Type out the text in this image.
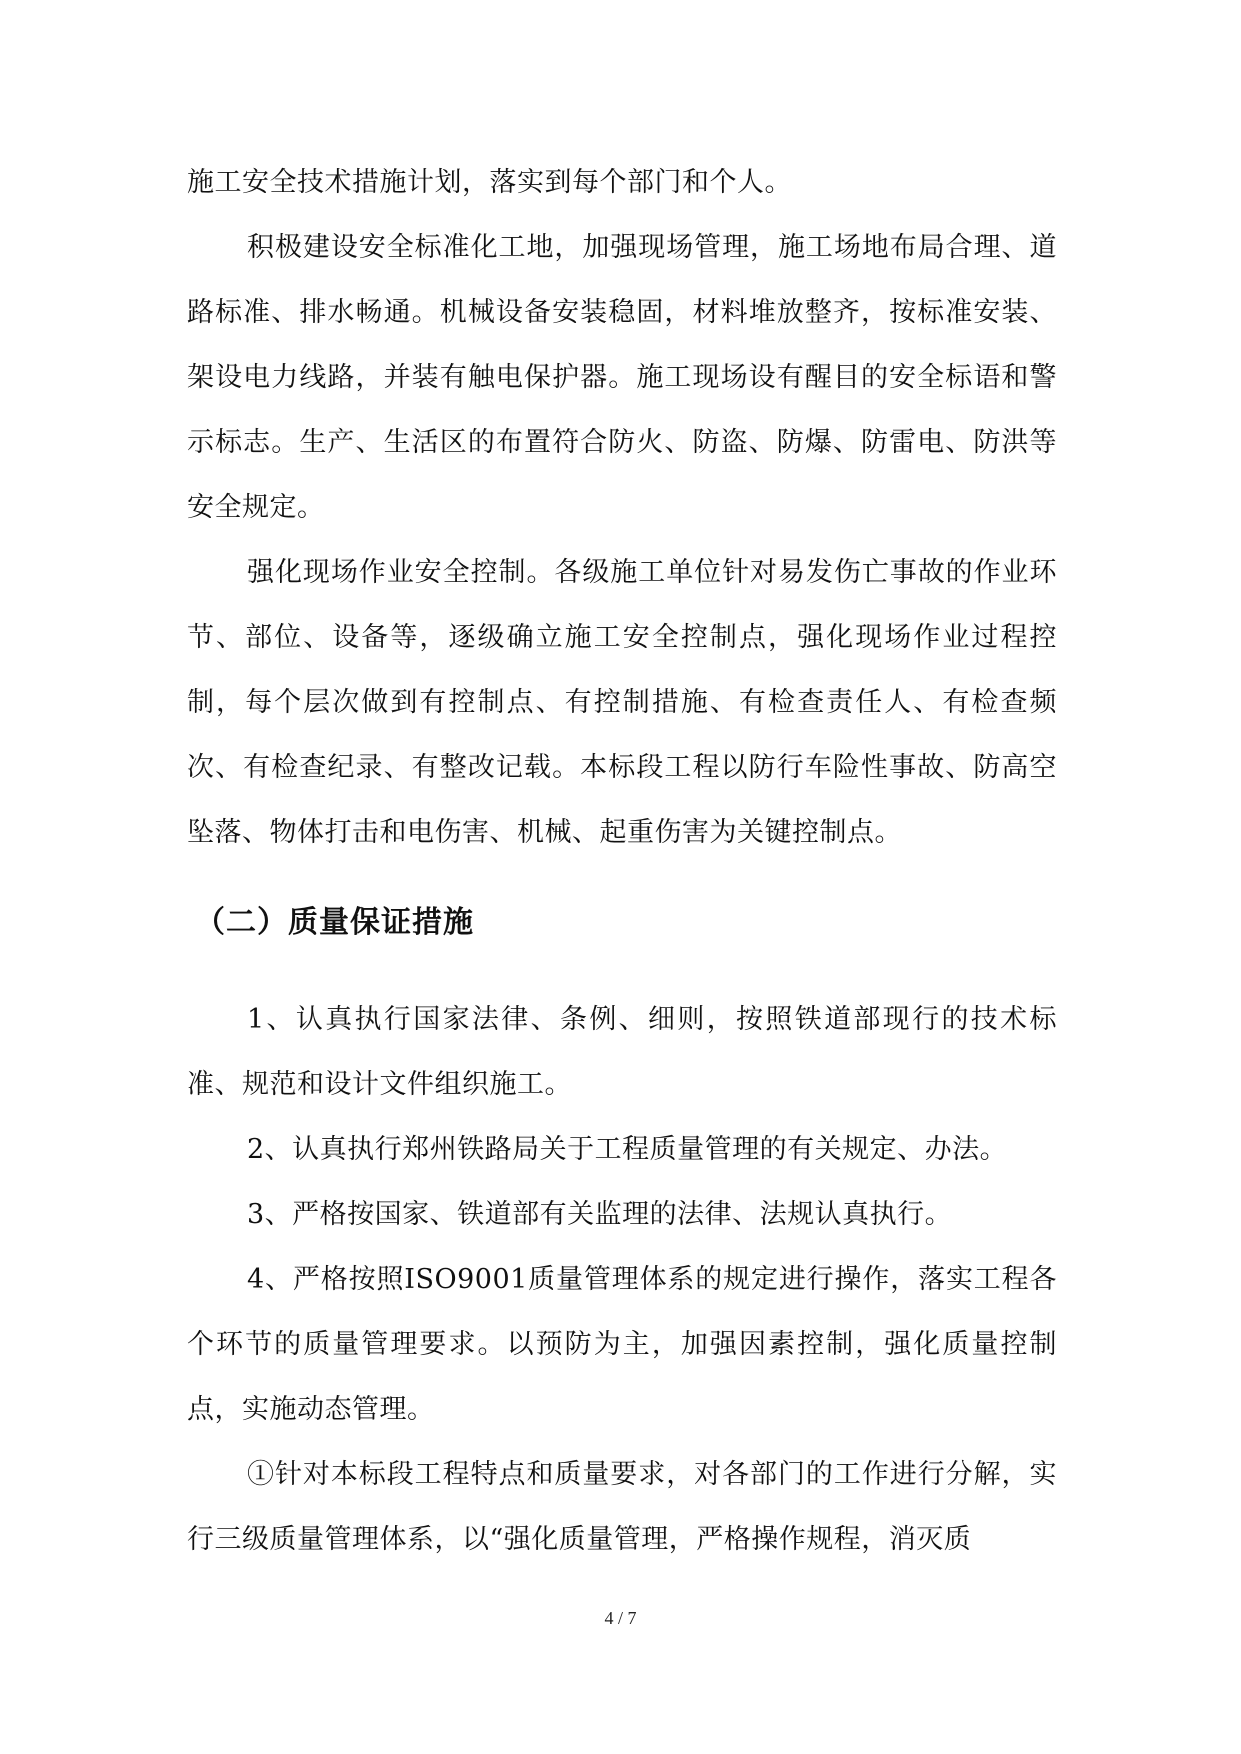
施工安全技术措施计划，落实到每个部门和个人。

积极建设安全标准化工地，加强现场管理，施工场地布局合理、道路标准、排水畅通。机械设备安装稳固，材料堆放整齐，按标准安装、架设电力线路，并装有触电保护器。施工现场设有醒目的安全标语和警示标志。生产、生活区的布置符合防火、防盗、防爆、防雷电、防洪等安全规定。

强化现场作业安全控制。各级施工单位针对易发伤亡事故的作业环节、部位、设备等，逐级确立施工安全控制点，强化现场作业过程控制，每个层次做到有控制点、有控制措施、有检查责任人、有检查频次、有检查纪录、有整改记载。本标段工程以防行车险性事故、防高空坠落、物体打击和电伤害、机械、起重伤害为关键控制点。

（二）质量保证措施

1、认真执行国家法律、条例、细则，按照铁道部现行的技术标准、规范和设计文件组织施工。

2、认真执行郑州铁路局关于工程质量管理的有关规定、办法。

3、严格按国家、铁道部有关监理的法律、法规认真执行。

4、严格按照ISO9001质量管理体系的规定进行操作，落实工程各个环节的质量管理要求。以预防为主，加强因素控制，强化质量控制点，实施动态管理。

①针对本标段工程特点和质量要求，对各部门的工作进行分解，实行三级质量管理体系，以“强化质量管理，严格操作规程，消灭质

4 / 7
